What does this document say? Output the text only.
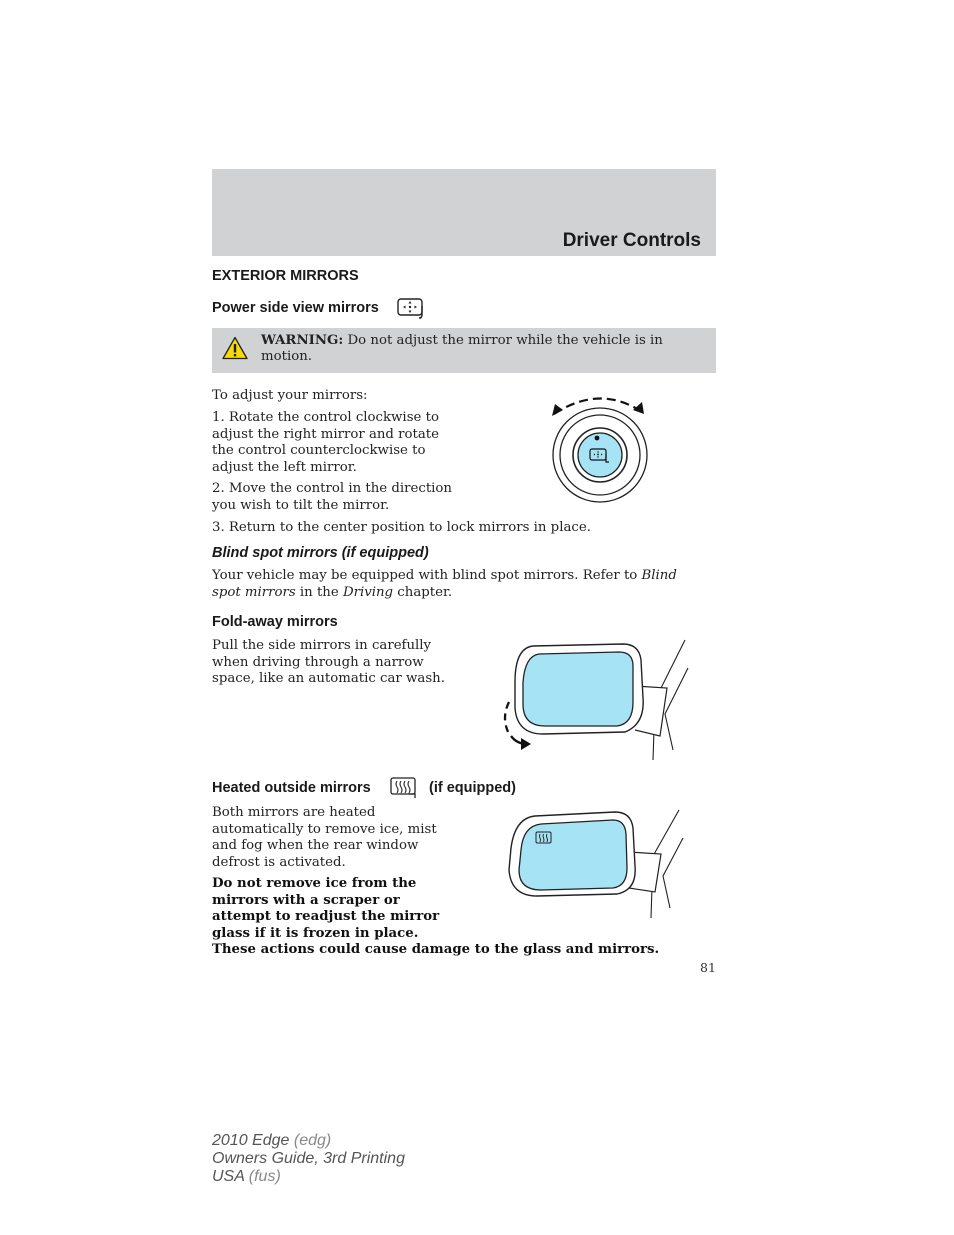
Driver Controls
EXTERIOR MIRRORS
Power side view mirrors
WARNING: Do not adjust the mirror while the vehicle is in motion.
To adjust your mirrors:
1. Rotate the control clockwise to
adjust the right mirror and rotate
the control counterclockwise to
adjust the left mirror.
2. Move the control in the direction
you wish to tilt the mirror.
3. Return to the center position to lock mirrors in place.
Blind spot mirrors (if equipped)
Your vehicle may be equipped with blind spot mirrors. Refer to Blind
spot mirrors in the Driving chapter.
Fold-away mirrors
Pull the side mirrors in carefully
when driving through a narrow
space, like an automatic car wash.
Heated outside mirrors	(if equipped)
Both mirrors are heated
automatically to remove ice, mist
and fog when the rear window
defrost is activated.
Do not remove ice from the
mirrors with a scraper or
attempt to readjust the mirror
glass if it is frozen in place.
These actions could cause damage to the glass and mirrors.
81
2010 Edge (edg)
Owners Guide, 3rd Printing
USA (fus)
